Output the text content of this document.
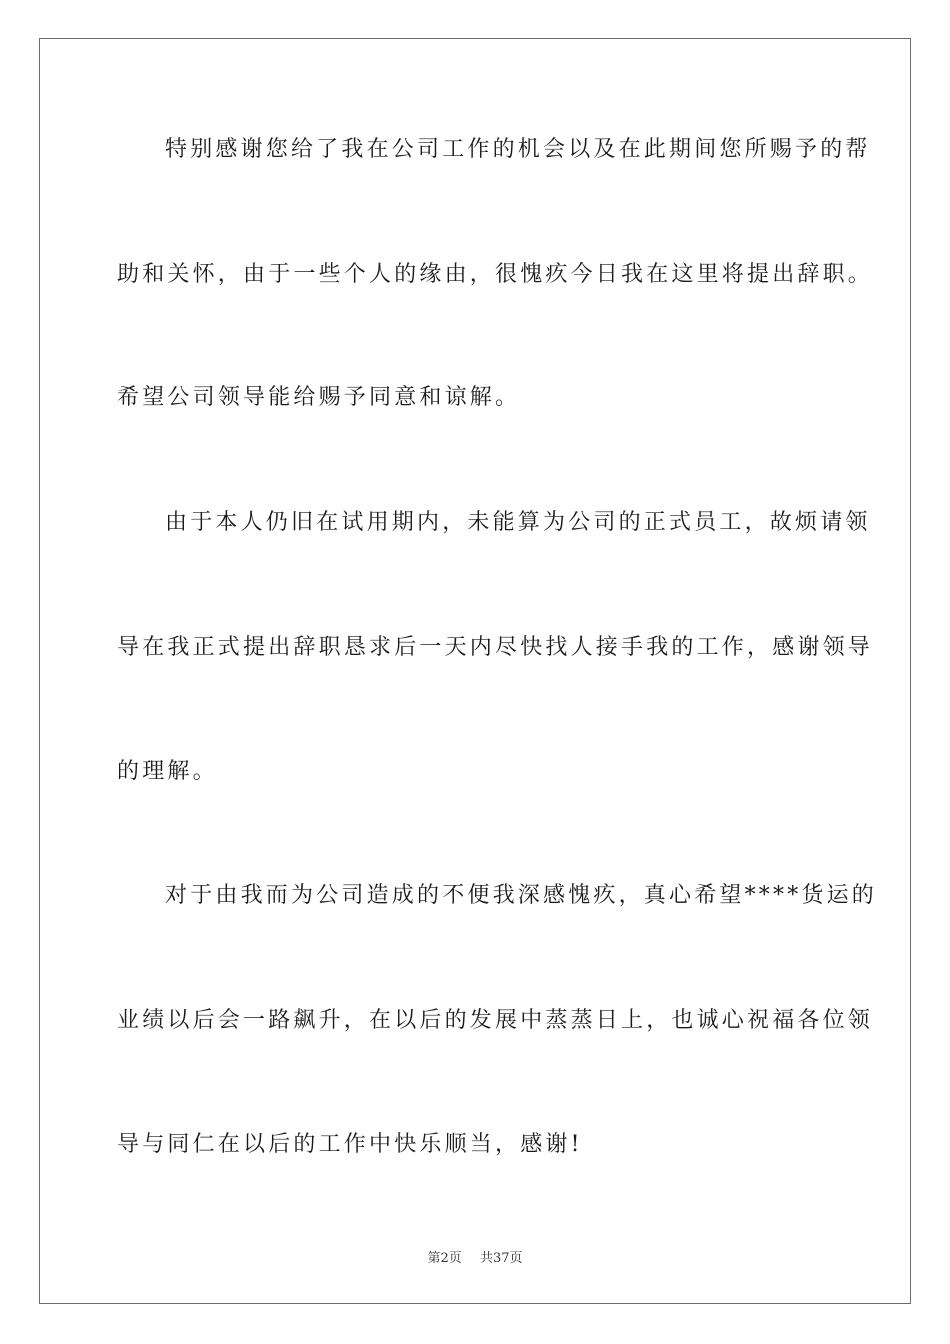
特别感谢您给了我在公司工作的机会以及在此期间您所赐予的帮
助和关怀，由于一些个人的缘由，很愧疚今日我在这里将提出辞职。
希望公司领导能给赐予同意和谅解。
由于本人仍旧在试用期内，未能算为公司的正式员工，故烦请领
导在我正式提出辞职恳求后一天内尽快找人接手我的工作，感谢领导
的理解。
对于由我而为公司造成的不便我深感愧疚，真心希望****货运的
业绩以后会一路飙升，在以后的发展中蒸蒸日上，也诚心祝福各位领
导与同仁在以后的工作中快乐顺当，感谢!
第2页 共37页
